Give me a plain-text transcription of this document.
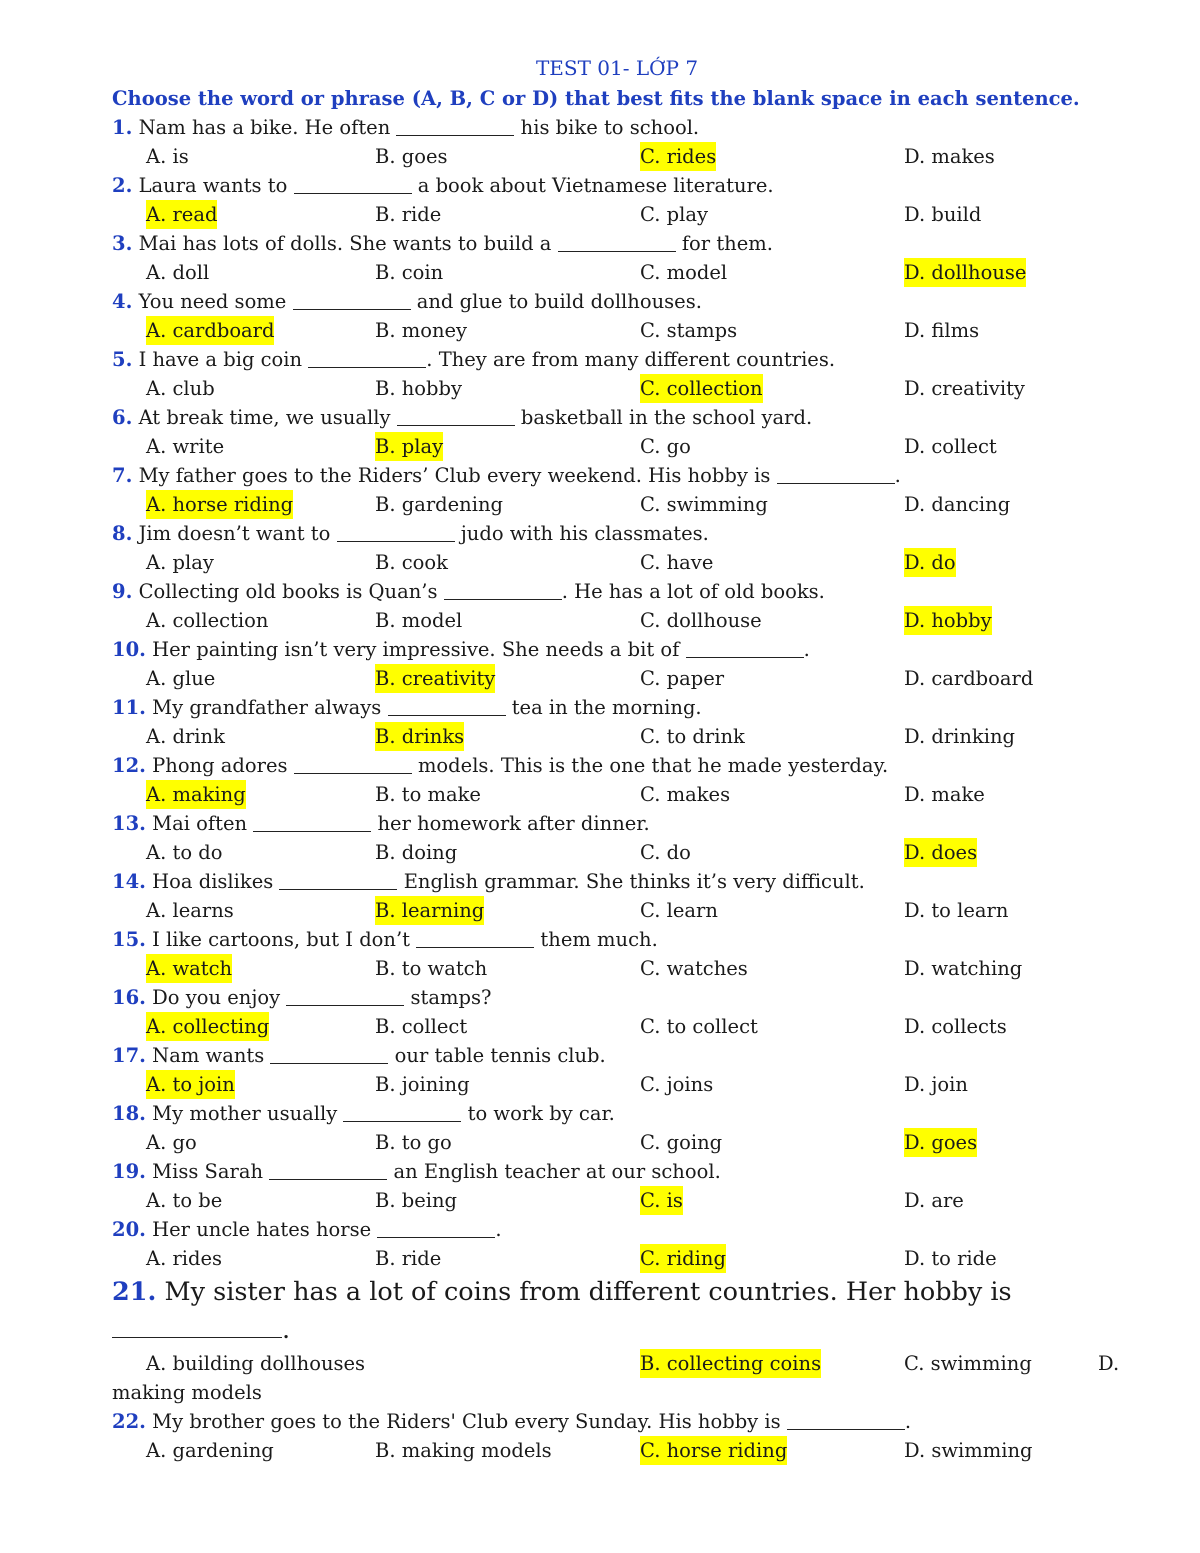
TEST 01- LỚP 7
Choose the word or phrase (A, B, C or D) that best fits the blank space in each sentence.
1. Nam has a bike. He often	his bike to school.
A. is	B. goes	C. rides	D. makes
2. Laura wants to	a book about Vietnamese literature.
A. read	B. ride	C. play	D. build
3. Mai has lots of dolls. She wants to build a	for them.
A. doll	B. coin	C. model	D. dollhouse
4. You need some	and glue to build dollhouses.
A. cardboard	B. money	C. stamps	D. films
5. I have a big coin	. They are from many different countries.
A. club	B. hobby	C. collection	D. creativity
6. At break time, we usually	basketball in the school yard.
A. write	B. play	C. go	D. collect
7. My father goes to the Riders’ Club every weekend. His hobby is	.
A. horse riding	B. gardening	C. swimming	D. dancing
8. Jim doesn’t want to	judo with his classmates.
A. play	B. cook	C. have	D. do
9. Collecting old books is Quan’s	. He has a lot of old books.
A. collection	B. model	C. dollhouse	D. hobby
10. Her painting isn’t very impressive. She needs a bit of	.
A. glue	B. creativity	C. paper	D. cardboard
11. My grandfather always	tea in the morning.
A. drink	B. drinks	C. to drink	D. drinking
12. Phong adores	models. This is the one that he made yesterday.
A. making	B. to make	C. makes	D. make
13. Mai often	her homework after dinner.
A. to do	B. doing	C. do	D. does
14. Hoa dislikes	English grammar. She thinks it’s very difficult.
A. learns	B. learning	C. learn	D. to learn
15. I like cartoons, but I don’t	them much.
A. watch	B. to watch	C. watches	D. watching
16. Do you enjoy	stamps?
A. collecting	B. collect	C. to collect	D. collects
17. Nam wants	our table tennis club.
A. to join	B. joining	C. joins	D. join
18. My mother usually	to work by car.
A. go	B. to go	C. going	D. goes
19. Miss Sarah	an English teacher at our school.
A. to be	B. being	C. is	D. are
20. Her uncle hates horse	.
A. rides	B. ride	C. riding	D. to ride
21. My sister has a lot of coins from different countries. Her hobby is
.
A. building dollhouses	B. collecting coins	C. swimming	D.
making models
22. My brother goes to the Riders' Club every Sunday. His hobby is	.
A. gardening	B. making models	C. horse riding	D. swimming
